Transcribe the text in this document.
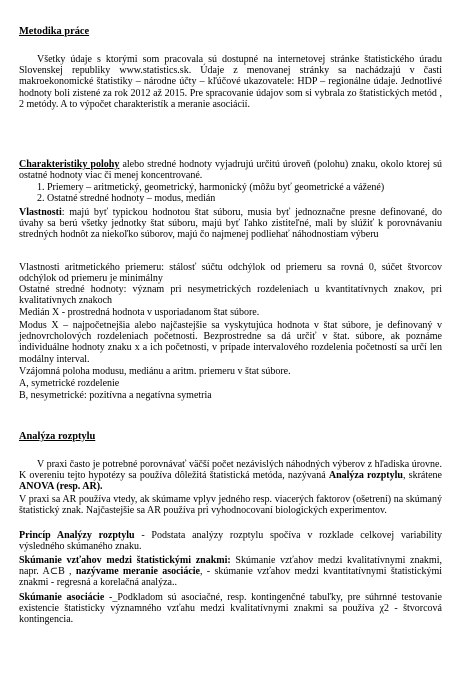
Metodika práce
Všetky údaje s ktorými som pracovala sú dostupné na internetovej stránke štatistického úradu Slovenskej republiky www.statistics.sk. Údaje z menovanej stránky sa nachádzajú v časti makroekonomické štatistiky – národne účty – kľúčové ukazovatele: HDP – regionálne údaje. Jednotlivé hodnoty boli zistené za rok 2012 až 2015. Pre spracovanie údajov som si vybrala zo štatistických metód , 2 metódy. A to výpočet charakteristík a meranie asociácií.
Charakteristiky polohy alebo stredné hodnoty vyjadrujú určitú úroveň (polohu) znaku, okolo ktorej sú ostatné hodnoty viac či menej koncentrované.
1. Priemery – aritmetický, geometrický, harmonický (môžu byť geometrické a vážené)
2. Ostatné stredné hodnoty – modus, medián
Vlastnosti: majú byť typickou hodnotou štat súboru, musia byť jednoznačne presne definované, do úvahy sa berú všetky jednotky štat súboru, majú byť ľahko zistiteľné, mali by slúžiť k porovnávaniu stredných hodnôt za niekoľko súborov, majú čo najmenej podliehať náhodnostiam výberu
Vlastnosti aritmetického priemeru: stálosť súčtu odchýlok od priemeru sa rovná 0, súčet štvorcov odchýlok od priemeru je minimálny
Ostatné stredné hodnoty: význam pri nesymetrických rozdeleniach u kvantitatívnych znakov, pri kvalitatívnych znakoch
Medián X - prostredná hodnota v usporiadanom štat súbore.
Modus X – najpočetnejšia alebo najčastejšie sa vyskytujúca hodnota v štat súbore, je definovaný v jednovrcholových rozdeleniach početnosti. Bezprostredne sa dá určiť v štat. súbore, ak poznáme individuálne hodnoty znaku x a ich početnosti, v prípade intervalového rozdelenia početností sa určí len modálny interval.
Vzájomná poloha modusu, mediánu a aritm. priemeru v štat súbore.
A, symetrické rozdelenie
B, nesymetrické: pozitívna a negatívna symetria
Analýza rozptylu
V praxi často je potrebné porovnávať väčší počet nezávislých náhodných výberov z hľadiska úrovne. K overeniu tejto hypotézy sa používa dôležitá štatistická metóda, nazývaná Analýza rozptylu, skrátene ANOVA (resp. AR).
V praxi sa AR používa vtedy, ak skúmame vplyv jedného resp. viacerých faktorov (ošetrení) na skúmaný štatistický znak. Najčastejšie sa AR používa pri vyhodnocovaní biologických experimentov.
Princíp Analýzy rozptylu - Podstata analýzy rozptylu spočíva v rozklade celkovej variability výsledného skúmaného znaku.
Skúmanie vzťahov medzi štatistickými znakmi: Skúmanie vzťahov medzi kvalitatívnymi znakmi, napr. A⊂B , nazývame meranie asociácie, - skúmanie vzťahov medzi kvantitatívnymi štatistickými znakmi - regresná a korelačná analýza..
Skúmanie asociácie -_Podkladom sú asociačné, resp. kontingenčné tabuľky, pre súhrnné testovanie existencie štatisticky významného vzťahu medzi kvalitatívnymi znakmi sa používa χ2 - štvorcová kontingencia.
